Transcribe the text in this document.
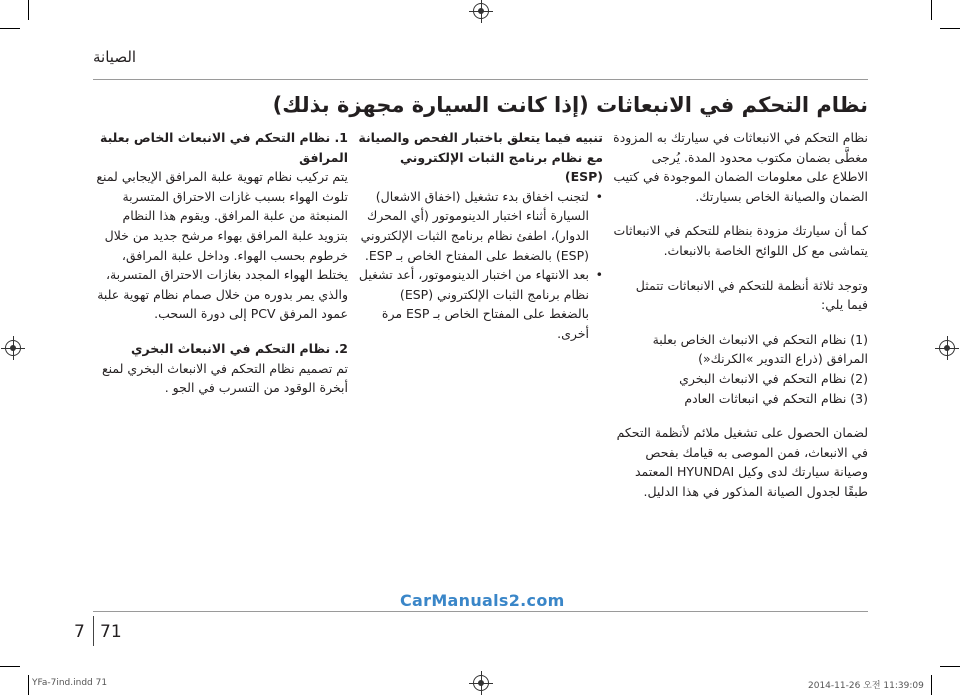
الصيانة
نظام التحكم في الانبعاثات (إذا كانت السيارة مجهزة بذلك)

نظام التحكم في الانبعاثات في سيارتك به المزودة مغطَّى بضمان مكتوب محدود المدة. يُرجى الاطلاع على معلومات الضمان الموجودة في كتيب الضمان والصيانة الخاص بسيارتك.

كما أن سيارتك مزودة بنظام للتحكم في الانبعاثات يتماشى مع كل اللوائح الخاصة بالانبعاث.

وتوجد ثلاثة أنظمة للتحكم في الانبعاثات تتمثل فيما يلي:

(1) نظام التحكم في الانبعاث الخاص بعلبة المرافق (ذراع التدوير »الكرنك«)

(2) نظام التحكم في الانبعاث البخري

(3) نظام التحكم في انبعاثات العادم

لضمان الحصول على تشغيل ملائم لأنظمة التحكم في الانبعاث، فمن الموصى به قيامك بفحص وصيانة سيارتك لدى وكيل HYUNDAI المعتمد طبقًا لجدول الصيانة المذكور في هذا الدليل.

تنبيه فيما يتعلق باختبار الفحص والصيانة مع نظام برنامج الثبات الإلكتروني (ESP)
• لتجنب اخفاق بدء تشغيل (اخفاق الاشعال) السيارة أثناء اختبار الدينوموتور (أي المحرك الدوار)، اطفئ نظام برنامج الثبات الإلكتروني (ESP) بالضغط على المفتاح الخاص بـ ESP.
• بعد الانتهاء من اختبار الدينوموتور، أعد تشغيل نظام برنامج الثبات الإلكتروني (ESP) بالضغط على المفتاح الخاص بـ ESP مرة أخرى.
1. نظام التحكم في الانبعاث الخاص بعلبة المرافق

يتم تركيب نظام تهوية علبة المرافق الإيجابي لمنع تلوث الهواء بسبب غازات الاحتراق المتسربة المنبعثة من علبة المرافق. ويقوم هذا النظام بتزويد علبة المرافق بهواء مرشح جديد من خلال خرطوم بحسب الهواء. وداخل علبة المرافق، يختلط الهواء المجدد بغازات الاحتراق المتسربة، والذي يمر بدوره من خلال صمام نظام تهوية علبة عمود المرفق PCV إلى دورة السحب.

2. نظام التحكم في الانبعاث البخري

تم تصميم نظام التحكم في الانبعاث البخري لمنع أبخرة الوقود من التسرب في الجو .

CarManuals2.com
7 71
YFa-7ind.indd 71	2014-11-26 오전 11:39:09
